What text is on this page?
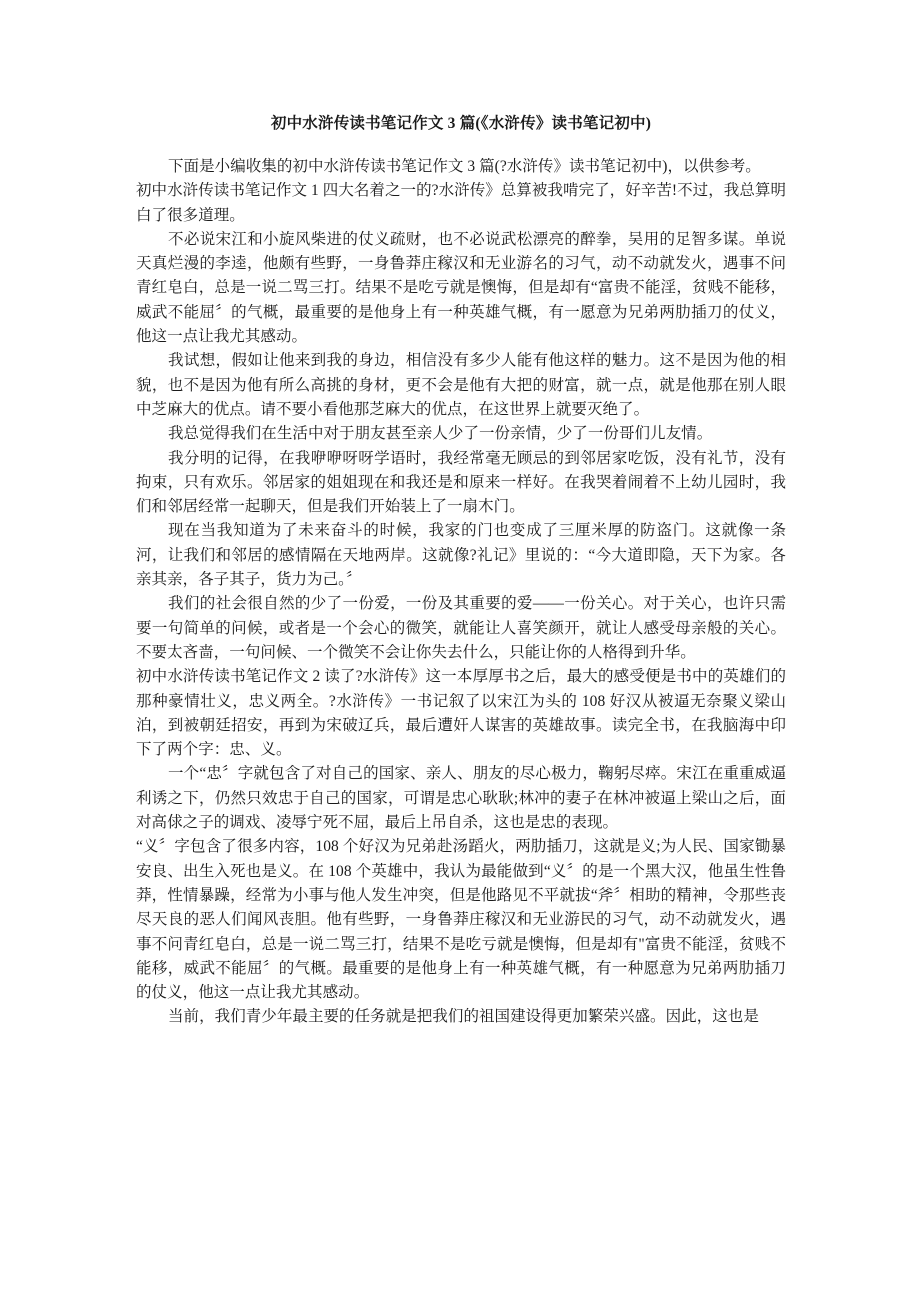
初中水浒传读书笔记作文 3 篇(《水浒传》读书笔记初中)

下面是小编收集的初中水浒传读书笔记作文 3 篇(?水浒传》读书笔记初中)，以供参考。

初中水浒传读书笔记作文 1 四大名着之一的?水浒传》总算被我啃完了，好辛苦!不过，我总算明白了很多道理。

不必说宋江和小旋风柴进的仗义疏财，也不必说武松漂亮的醉拳，吴用的足智多谋。单说天真烂漫的李逵，他颇有些野，一身鲁莽庄稼汉和无业游名的习气，动不动就发火，遇事不问青红皂白，总是一说二骂三打。结果不是吃亏就是懊悔，但是却有“富贵不能淫，贫贱不能移，威武不能屈〞的气概，最重要的是他身上有一种英雄气概，有一愿意为兄弟两肋插刀的仗义，他这一点让我尤其感动。

我试想，假如让他来到我的身边，相信没有多少人能有他这样的魅力。这不是因为他的相貌，也不是因为他有所么高挑的身材，更不会是他有大把的财富，就一点，就是他那在别人眼中芝麻大的优点。请不要小看他那芝麻大的优点，在这世界上就要灭绝了。

我总觉得我们在生活中对于朋友甚至亲人少了一份亲情，少了一份哥们儿友情。

我分明的记得，在我咿咿呀呀学语时，我经常毫无顾忌的到邻居家吃饭，没有礼节，没有拘束，只有欢乐。邻居家的姐姐现在和我还是和原来一样好。在我哭着闹着不上幼儿园时，我们和邻居经常一起聊天，但是我们开始装上了一扇木门。

现在当我知道为了未来奋斗的时候，我家的门也变成了三厘米厚的防盗门。这就像一条河，让我们和邻居的感情隔在天地两岸。这就像?礼记》里说的：“今大道即隐，天下为家。各亲其亲，各子其子，货力为己。〞

我们的社会很自然的少了一份爱，一份及其重要的爱——一份关心。对于关心，也许只需要一句简单的问候，或者是一个会心的微笑，就能让人喜笑颜开，就让人感受母亲般的关心。不要太吝啬，一句问候、一个微笑不会让你失去什么，只能让你的人格得到升华。

初中水浒传读书笔记作文 2 读了?水浒传》这一本厚厚书之后，最大的感受便是书中的英雄们的那种豪情壮义，忠义两全。?水浒传》一书记叙了以宋江为头的 108 好汉从被逼无奈聚义梁山泊，到被朝廷招安，再到为宋破辽兵，最后遭奸人谋害的英雄故事。读完全书，在我脑海中印下了两个字：忠、义。

一个“忠〞字就包含了对自己的国家、亲人、朋友的尽心极力，鞠躬尽瘁。宋江在重重威逼利诱之下，仍然只效忠于自己的国家，可谓是忠心耿耿;林冲的妻子在林冲被逼上梁山之后，面对高俅之子的调戏、凌辱宁死不屈，最后上吊自杀，这也是忠的表现。

“义〞字包含了很多内容，108 个好汉为兄弟赴汤蹈火，两肋插刀，这就是义;为人民、国家锄暴安良、出生入死也是义。在 108 个英雄中，我认为最能做到“义〞的是一个黑大汉，他虽生性鲁莽，性情暴躁，经常为小事与他人发生冲突，但是他路见不平就拔“斧〞相助的精神，令那些丧尽天良的恶人们闻风丧胆。他有些野，一身鲁莽庄稼汉和无业游民的习气，动不动就发火，遇事不问青红皂白，总是一说二骂三打，结果不是吃亏就是懊悔，但是却有"富贵不能淫，贫贱不能移，威武不能屈〞的气概。最重要的是他身上有一种英雄气概，有一种愿意为兄弟两肋插刀的仗义，他这一点让我尤其感动。

当前，我们青少年最主要的任务就是把我们的祖国建设得更加繁荣兴盛。因此，这也是
